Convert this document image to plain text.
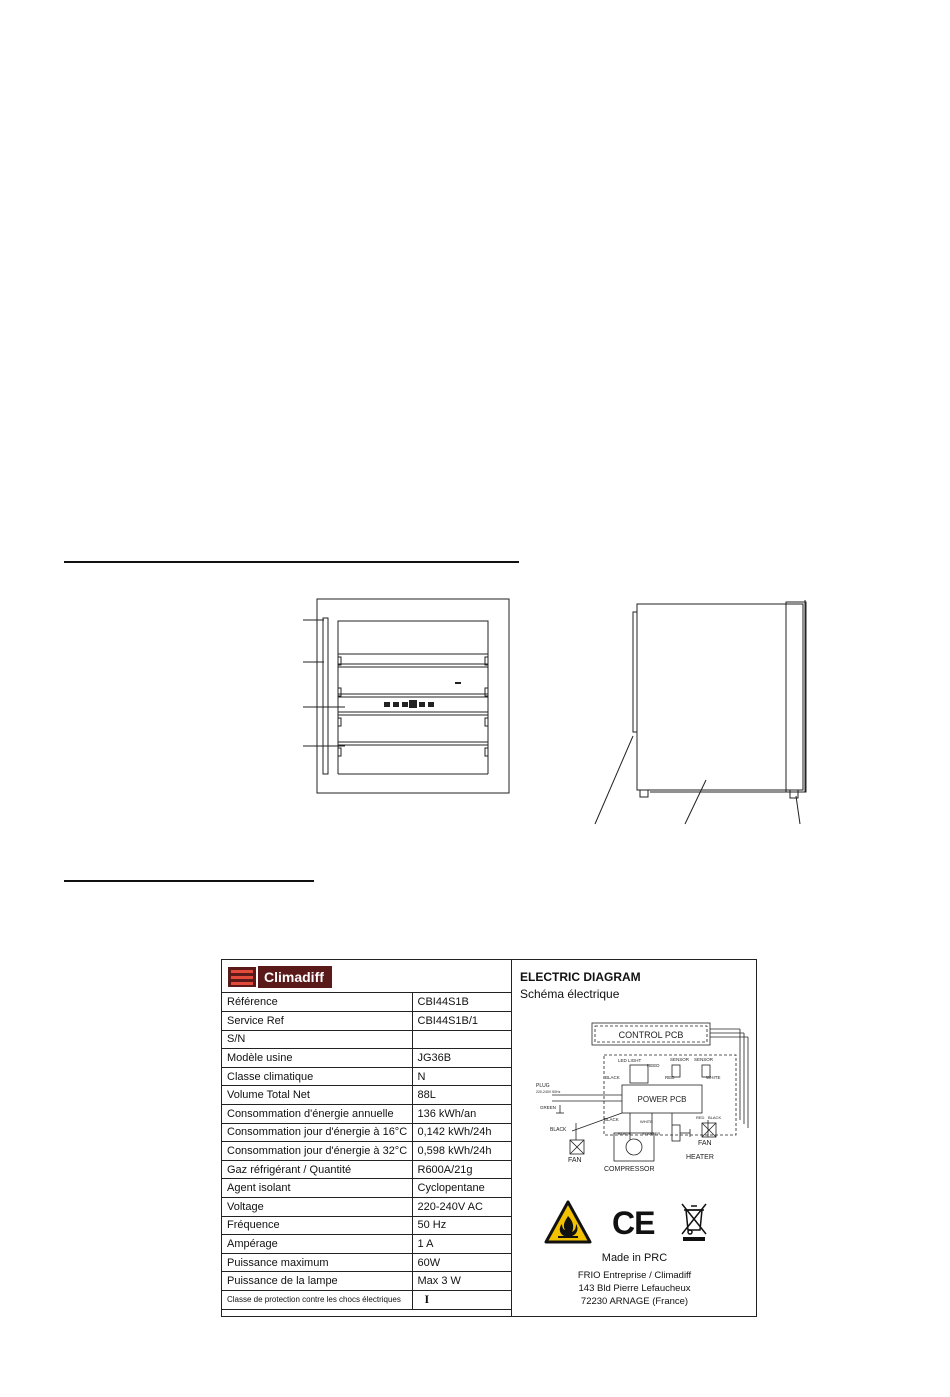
Climadiff
Référence	CBI44S1B
Service Ref	CBI44S1B/1
S/N	
Modèle usine	JG36B
Classe climatique	N
Volume Total Net	88L
Consommation d'énergie annuelle	136 kWh/an
Consommation jour d'énergie à 16°C	0,142 kWh/24h
Consommation jour d'énergie à 32°C	0,598 kWh/24h
Gaz réfrigérant / Quantité	R600A/21g
Agent isolant	Cyclopentane
Voltage	220-240V AC
Fréquence	50 Hz
Ampérage	1 A
Puissance maximum	60W
Puissance de la lampe	Max 3 W
Classe de protection contre les chocs électriques	I
ELECTRIC DIAGRAM
Schéma électrique
CONTROL PCB
POWER PCB
LED LIGHT
REED
SENSOR SENSOR
PLUG
220-240V 50Hz
GREEN
BLACK
BLACK
BLACK
BLACK
BLACK
RED
RED
WHITE
WHITE
STARTER
FAN
FAN
HEATER
COMPRESSOR
CE
Made in PRC
FRIO Entreprise / Climadiff
143 Bld Pierre Lefaucheux
72230 ARNAGE (France)
